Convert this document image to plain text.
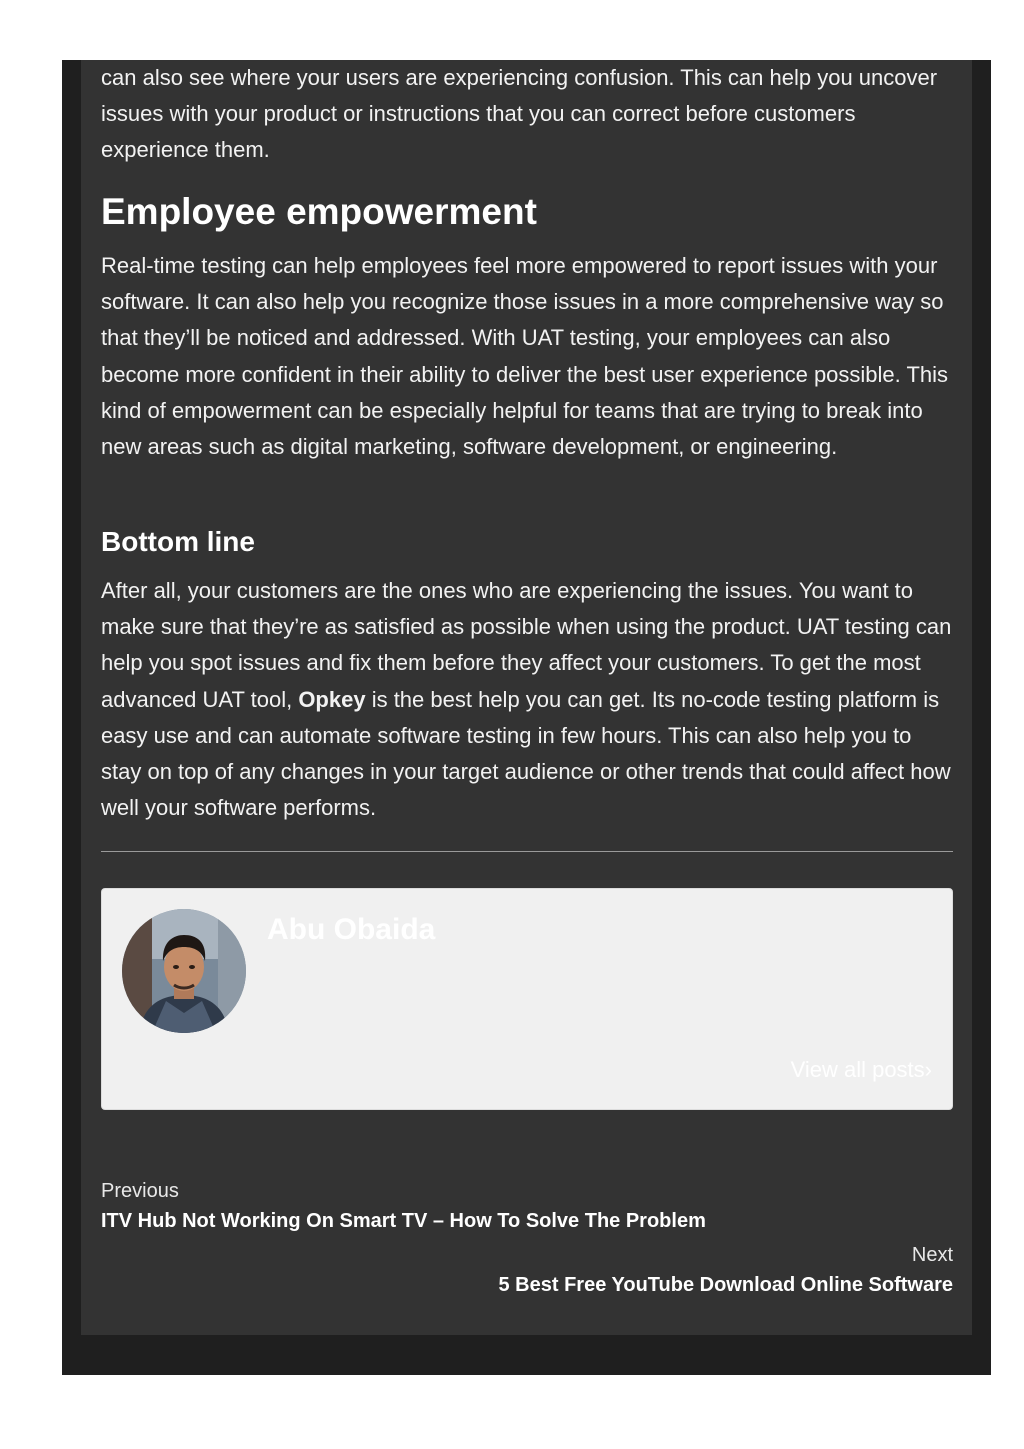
can also see where your users are experiencing confusion. This can help you uncover issues with your product or instructions that you can correct before customers experience them.

Employee empowerment

Real-time testing can help employees feel more empowered to report issues with your software. It can also help you recognize those issues in a more comprehensive way so that they’ll be noticed and addressed. With UAT testing, your employees can also become more confident in their ability to deliver the best user experience possible. This kind of empowerment can be especially helpful for teams that are trying to break into new areas such as digital marketing, software development, or engineering.

Bottom line

After all, your customers are the ones who are experiencing the issues. You want to make sure that they’re as satisfied as possible when using the product. UAT testing can help you spot issues and fix them before they affect your customers. To get the most advanced UAT tool, Opkey is the best help you can get. Its no-code testing platform is easy use and can automate software testing in few hours. This can also help you to stay on top of any changes in your target audience or other trends that could affect how well your software performs.

Abu Obaida
View all posts›
Previous
ITV Hub Not Working On Smart TV – How To Solve The Problem
Next
5 Best Free YouTube Download Online Software
